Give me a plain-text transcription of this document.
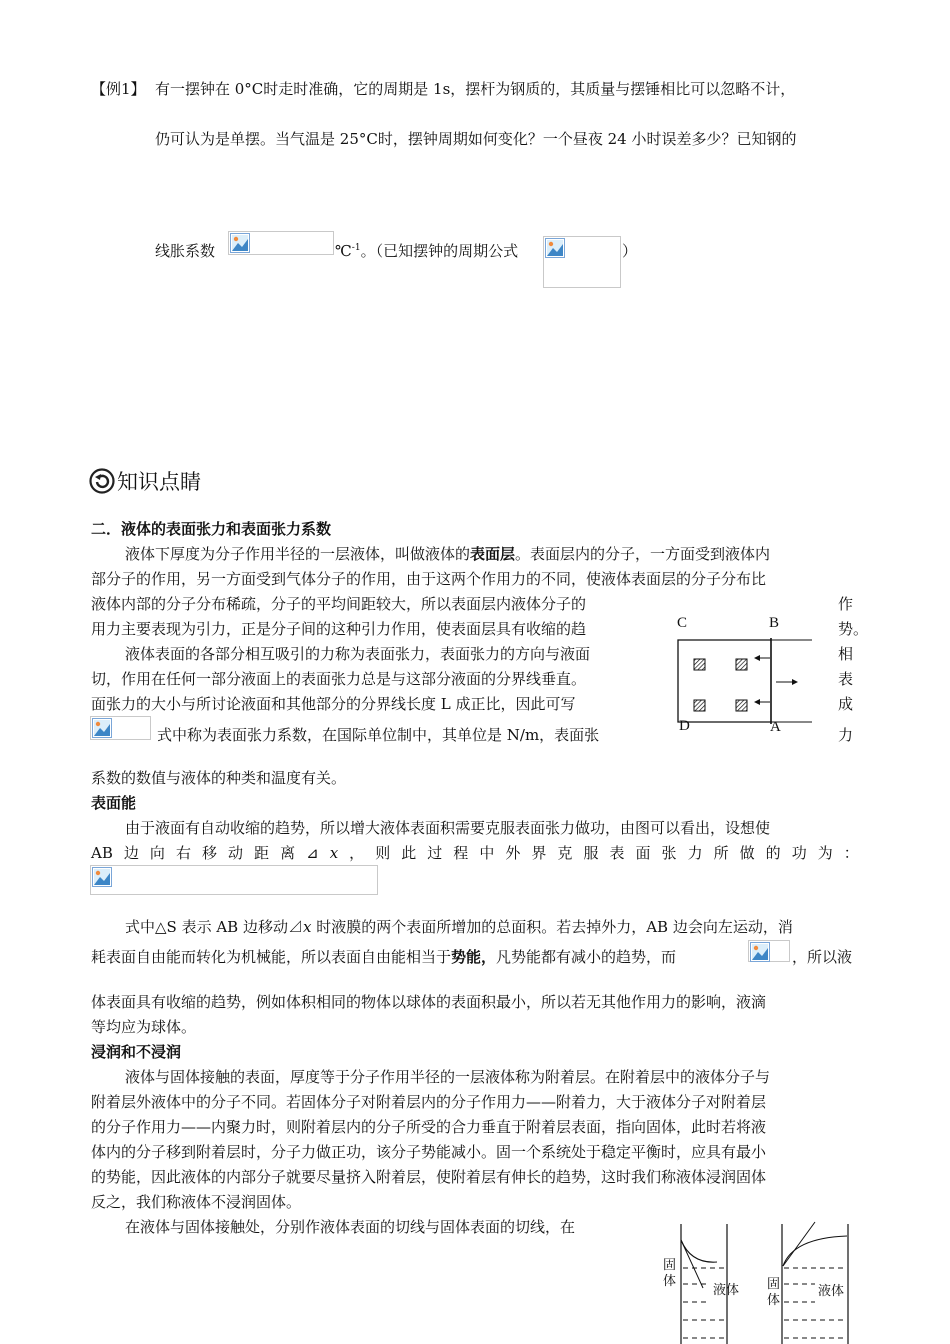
【例1】 有一摆钟在 0°C时走时准确，它的周期是 1s，摆杆为钢质的，其质量与摆锤相比可以忽略不计，
仍可认为是单摆。当气温是 25°C时，摆钟周期如何变化？一个昼夜 24 小时误差多少？已知钢的
线胀系数	℃$^{-1}$。（已知摆钟的周期公式	）
知识点睛
二．液体的表面张力和表面张力系数
液体下厚度为分子作用半径的一层液体，叫做液体的表面层。表面层内的分子，一方面受到液体内
部分子的作用，另一方面受到气体分子的作用，由于这两个作用力的不同，使液体表面层的分子分布比
液体内部的分子分布稀疏，分子的平均间距较大，所以表面层内液体分子的	作
用力主要表现为引力，正是分子间的这种引力作用，使表面层具有收缩的趋	势。
液体表面的各部分相互吸引的力称为表面张力，表面张力的方向与液面	相
切，作用在任何一部分液面上的表面张力总是与这部分液面的分界线垂直。	表
面张力的大小与所讨论液面和其他部分的分界线长度 L 成正比，因此可写	成
式中称为表面张力系数，在国际单位制中，其单位是 N/m，表面张	力
系数的数值与液体的种类和温度有关。
C	B
D	A
表面能
由于液面有自动收缩的趋势，所以增大液体表面积需要克服表面张力做功，由图可以看出，设想使
AB 边 向 右 移 动 距 离 ⊿ x ， 则 此 过 程 中 外 界 克 服 表 面 张 力 所 做 的 功 为 ：
式中△S 表示 AB 边移动⊿x 时液膜的两个表面所增加的总面积。若去掉外力，AB 边会向左运动，消
耗表面自由能而转化为机械能，所以表面自由能相当于势能，凡势能都有减小的趋势，而	，所以液
体表面具有收缩的趋势，例如体积相同的物体以球体的表面积最小，所以若无其他作用力的影响，液滴
等均应为球体。
浸润和不浸润
液体与固体接触的表面，厚度等于分子作用半径的一层液体称为附着层。在附着层中的液体分子与
附着层外液体中的分子不同。若固体分子对附着层内的分子作用力——附着力，大于液体分子对附着层
的分子作用力——内聚力时，则附着层内的分子所受的合力垂直于附着层表面，指向固体，此时若将液
体内的分子移到附着层时，分子力做正功，该分子势能减小。固一个系统处于稳定平衡时，应具有最小
的势能，因此液体的内部分子就要尽量挤入附着层，使附着层有伸长的趋势，这时我们称液体浸润固体
反之，我们称液体不浸润固体。
在液体与固体接触处，分别作液体表面的切线与固体表面的切线，在
固体
液体 固体
液体
